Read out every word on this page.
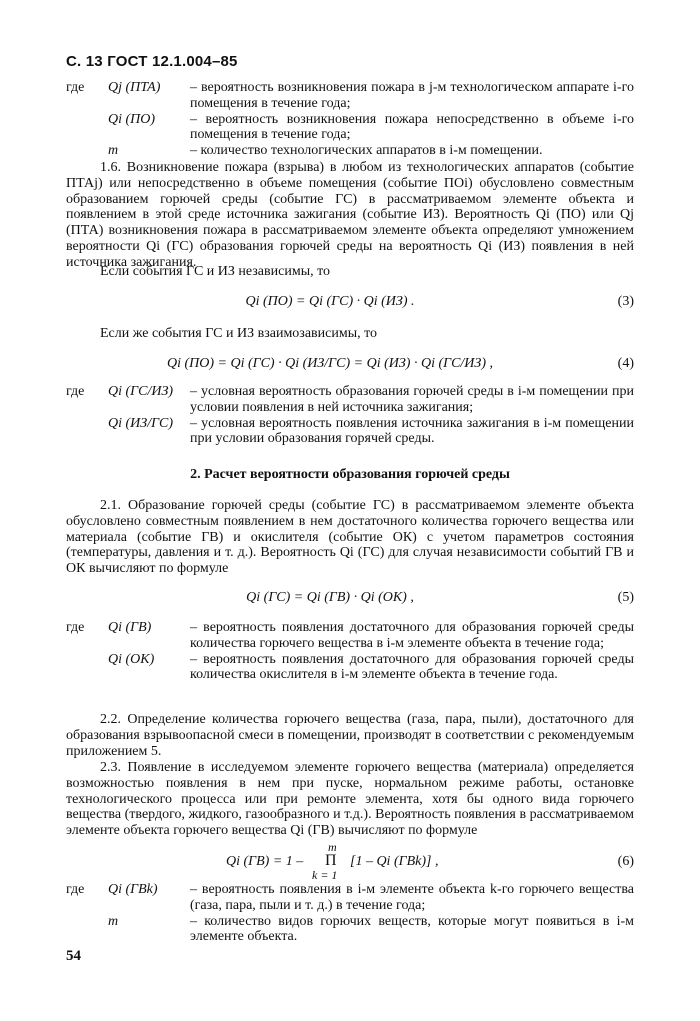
С. 13 ГОСТ 12.1.004–85
где	Qj (ПТА)	– вероятность возникновения пожара в j-м технологическом аппарате i-го помещения в течение года;
Qi (ПО)	– вероятность возникновения пожара непосредственно в объеме i-го помещения в течение года;
m	– количество технологических аппаратов в i-м помещении.

1.6. Возникновение пожара (взрыва) в любом из технологических аппаратов (событие ПТАj) или непосредственно в объеме помещения (событие ПОi) обусловлено совместным образованием горючей среды (событие ГС) в рассматриваемом элементе объекта и появлением в этой среде источника зажигания (событие ИЗ). Вероятность Qi (ПО) или Qj (ПТА) возникновения пожара в рассматриваемом элементе объекта определяют умножением вероятности Qi (ГС) образования горючей среды на вероятность Qi (ИЗ) появления в ней источника зажигания.

Если события ГС и ИЗ независимы, то

Qi (ПО) = Qi (ГС) · Qi (ИЗ) .	(3)

Если же события ГС и ИЗ взаимозависимы, то

Qi (ПО) = Qi (ГС) · Qi (ИЗ/ГС) = Qi (ИЗ) · Qi (ГС/ИЗ) ,	(4)
где	Qi (ГС/ИЗ)	– условная вероятность образования горючей среды в i-м помещении при условии появления в ней источника зажигания;
Qi (ИЗ/ГС)	– условная вероятность появления источника зажигания в i-м помещении при условии образования горячей среды.
2. Расчет вероятности образования горючей среды

2.1. Образование горючей среды (событие ГС) в рассматриваемом элементе объекта обусловлено совместным появлением в нем достаточного количества горючего вещества или материала (событие ГВ) и окислителя (событие ОК) с учетом параметров состояния (температуры, давления и т. д.). Вероятность Qi (ГС) для случая независимости событий ГВ и ОК вычисляют по формуле

Qi (ГС) = Qi (ГВ) · Qi (ОК) ,	(5)
где	Qi (ГВ)	– вероятность появления достаточного для образования горючей среды количества горючего вещества в i-м элементе объекта в течение года;
Qi (ОК)	– вероятность появления достаточного для образования горючей среды количества окислителя в i-м элементе объекта в течение года.

2.2. Определение количества горючего вещества (газа, пара, пыли), достаточного для образования взрывоопасной смеси в помещении, производят в соответствии с рекомендуемым приложением 5.

2.3. Появление в исследуемом элементе горючего вещества (материала) определяется возможностью появления в нем при пуске, нормальном режиме работы, остановке технологического процесса или при ремонте элемента, хотя бы одного вида горючего вещества (твердого, жидкого, газообразного и т.д.). Вероятность появления в рассматриваемом элементе объекта горючего вещества Qi (ГВ) вычисляют по формуле

Qi (ГВ) = 1 –
m
Π
k = 1
[1 – Qi (ГВk)] ,	(6)
где	Qi (ГВk)	– вероятность появления в i-м элементе объекта k-го горючего вещества (газа, пара, пыли и т. д.) в течение года;
m	– количество видов горючих веществ, которые могут появиться в i-м элементе объекта.
54
